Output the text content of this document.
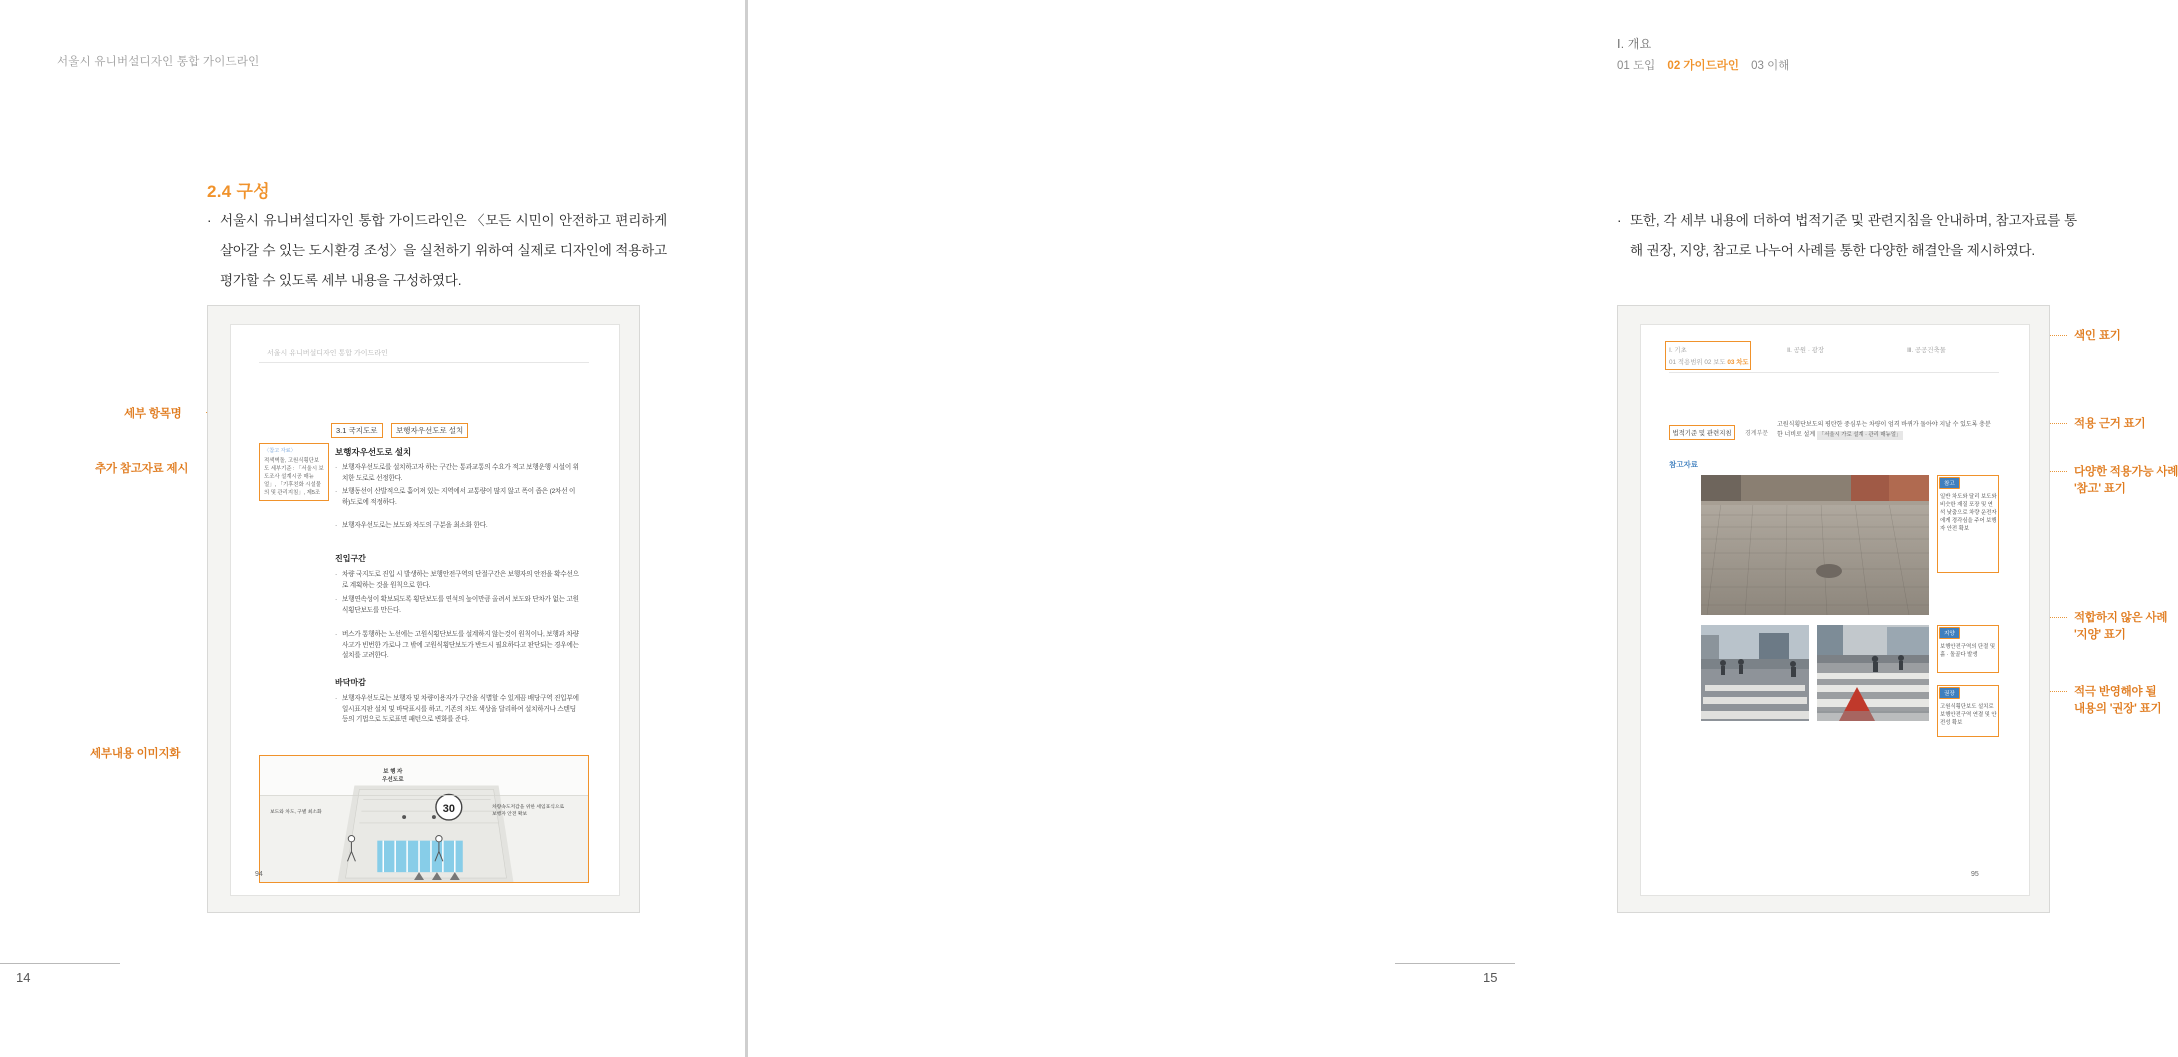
서울시 유니버설디자인 통합 가이드라인
2.4 구성
· 서울시 유니버설디자인 통합 가이드라인은 〈모든 시민이 안전하고 편리하게 살아갈 수 있는 도시환경 조성〉을 실천하기 위하여 실제로 디자인에 적용하고 평가할 수 있도록 세부 내용을 구성하였다.
세부 항목명
추가 참고자료 제시
세부내용 이미지화
서울시 유니버설디자인 통합 가이드라인
3.1 국지도로	보행자우선도로 설치
보행자우선도로 설치
〈참고 자료〉
적색벽돌, 고원식횡단보도 세부기준 : 「서울시 보도조사 설계시공 매뉴얼」, 「기후친화 시설물의 및 관리지침」, 제5조
· 보행자우선도로를 설치하고자 하는 구간는 통과교통의 수요가 적고 보행운행 시설이 위치한 도로로 선정한다.
· 보행동선이 산발적으로 흩어져 있는 지역에서 교통량이 많지 않고 폭이 좁은 (2차선 이하)도로에 적정하다.
· 보행자우선도로는 보도와 차도의 구분을 최소화 한다.
진입구간
· 차량 국지도로 진입 시 발생하는 보행안전구역의 단절구간은 보행자의 안전을 확수선으로 계획하는 것을 원칙으로 한다.
· 보행연속성이 확보되도록 횡단보도를 연석의 높이만큼 올려서 보도와 단차가 없는 고원식횡단보도를 만든다.
· 버스가 통행하는 노선에는 고원식횡단보도를 설계하지 않는것이 원칙이나, 보행과 차량사고가 빈번한 가로나 그 밖에 고원식횡단보도가 반드시 필요하다고 판단되는 경우에는 설치를 고려한다.
바닥마감
· 보행자우선도로는 보행자 및 차량이용자가 구간을 식별할 수 있게끔 배당구역 진입부에 일시표지판 설치 및 바닥표시를 하고, 기존의 차도 색상을 달리하여 설치하거나 스텐딩 등의 기법으로 도로표면 패턴으로 변화를 준다.
30
보 행 자
우선도로
보도와 차도, 구별 최소화
차량속도저감을 위한 세임표식으로 보행자 안전 확보
94
14
Ⅰ. 개요
01 도입 02 가이드라인 03 이해
· 또한, 각 세부 내용에 더하여 법적기준 및 관련지침을 안내하며, 참고자료를 통해 권장, 지양, 참고로 나누어 사례를 통한 다양한 해결안을 제시하였다.

색인 표기
적용 근거 표기
다양한 적용가능 사례
'참고' 표기
적합하지 않은 사례
'지양' 표기
적극 반영해야 될
내용의 '권장' 표기
Ⅰ. 기초	Ⅱ. 공원 · 광장	Ⅲ. 공공건축물
01 적용범위 02 보도 03 차도
법적기준 및 관련지침	경계부문
고원식횡단보도의 평탄한 중심부는 차량이 엄격 바퀴가 돌아야 지날 수 있도록 충분한 너비로 설계 「서울시 가로 설계 · 관리 매뉴얼」
참고자료
참고
일반 차도와 달리 보도와 비슷한 재질 포장 및 연석 낮춤으로 차량 운전자에게 경각심을 주어 보행자 안전 확보
지양
보행안전구역의 단절 및 흙 · 돌골다 발생
권장
고원식횡단보도 설치로 보행안전구역 연결 및 안전성 확보
95
15
